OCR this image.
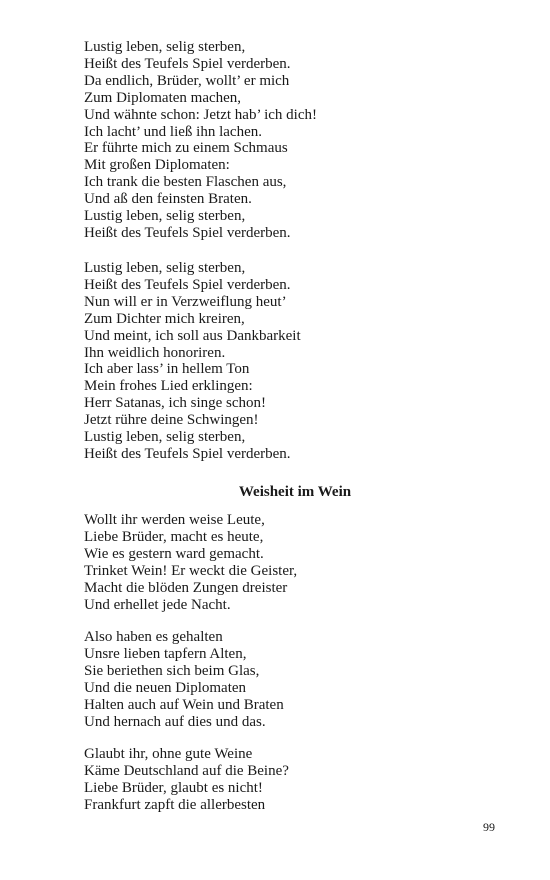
Lustig leben, selig sterben,

Heißt des Teufels Spiel verderben.

Da endlich, Brüder, wollt’ er mich

Zum Diplomaten machen,

Und wähnte schon: Jetzt hab’ ich dich!

Ich lacht’ und ließ ihn lachen.

Er führte mich zu einem Schmaus

Mit großen Diplomaten:

Ich trank die besten Flaschen aus,

Und aß den feinsten Braten.

Lustig leben, selig sterben,

Heißt des Teufels Spiel verderben.

Lustig leben, selig sterben,

Heißt des Teufels Spiel verderben.

Nun will er in Verzweiflung heut’

Zum Dichter mich kreiren,

Und meint, ich soll aus Dankbarkeit

Ihn weidlich honoriren.

Ich aber lass’ in hellem Ton

Mein frohes Lied erklingen:

Herr Satanas, ich singe schon!

Jetzt rühre deine Schwingen!

Lustig leben, selig sterben,

Heißt des Teufels Spiel verderben.

Weisheit im Wein

Wollt ihr werden weise Leute,

Liebe Brüder, macht es heute,

Wie es gestern ward gemacht.

Trinket Wein! Er weckt die Geister,

Macht die blöden Zungen dreister

Und erhellet jede Nacht.

Also haben es gehalten

Unsre lieben tapfern Alten,

Sie beriethen sich beim Glas,

Und die neuen Diplomaten

Halten auch auf Wein und Braten

Und hernach auf dies und das.

Glaubt ihr, ohne gute Weine

Käme Deutschland auf die Beine?

Liebe Brüder, glaubt es nicht!

Frankfurt zapft die allerbesten

99
